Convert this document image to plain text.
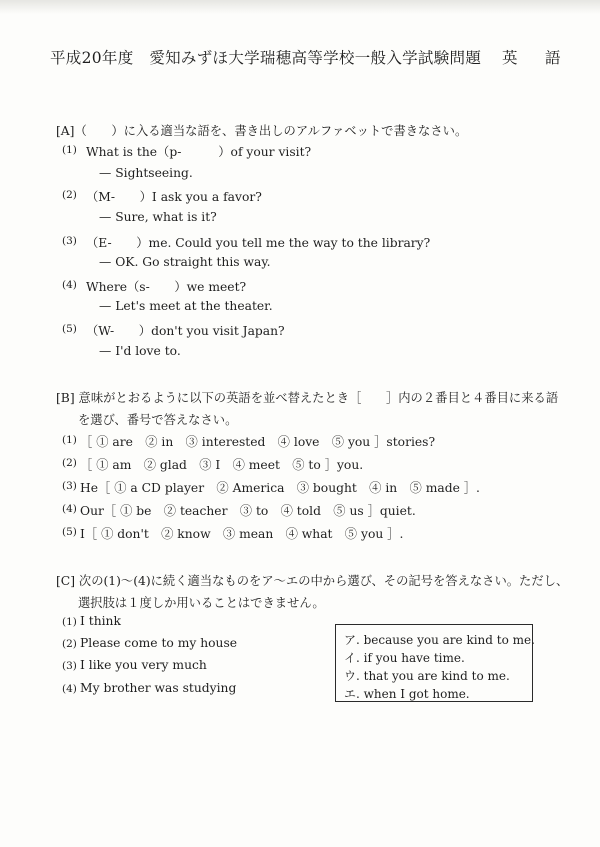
平成20年度　愛知みずほ大学瑞穂高等学校一般入学試験問題 英　語
[A]（　　）に入る適当な語を、書き出しのアルファベットで書きなさい。
(1) What is the（p-　　　）of your visit?
— Sightseeing.
(2) （M-　　）I ask you a favor?
— Sure, what is it?
(3) （E-　　）me. Could you tell me the way to the library?
— OK. Go straight this way.
(4) Where（s-　　）we meet?
— Let's meet at the theater.
(5) （W-　　）don't you visit Japan?
— I'd love to.
[B] 意味がとおるように以下の英語を並べ替えたとき［　　］内の２番目と４番目に来る語
を選び、番号で答えなさい。
(1) ［ ① are　② in　③ interested　④ love　⑤ you ］stories?
(2) ［ ① am　② glad　③ I　④ meet　⑤ to ］you.
(3) He［ ① a CD player　② America　③ bought　④ in　⑤ made ］.
(4) Our［ ① be　② teacher　③ to　④ told　⑤ us ］quiet.
(5) I［ ① don't　② know　③ mean　④ what　⑤ you ］.
[C] 次の(1)～(4)に続く適当なものをア～エの中から選び、その記号を答えなさい。ただし、
選択肢は１度しか用いることはできません。
(1) I think
(2) Please come to my house
(3) I like you very much
(4) My brother was studying
ア. because you are kind to me.
イ. if you have time.
ウ. that you are kind to me.
エ. when I got home.
